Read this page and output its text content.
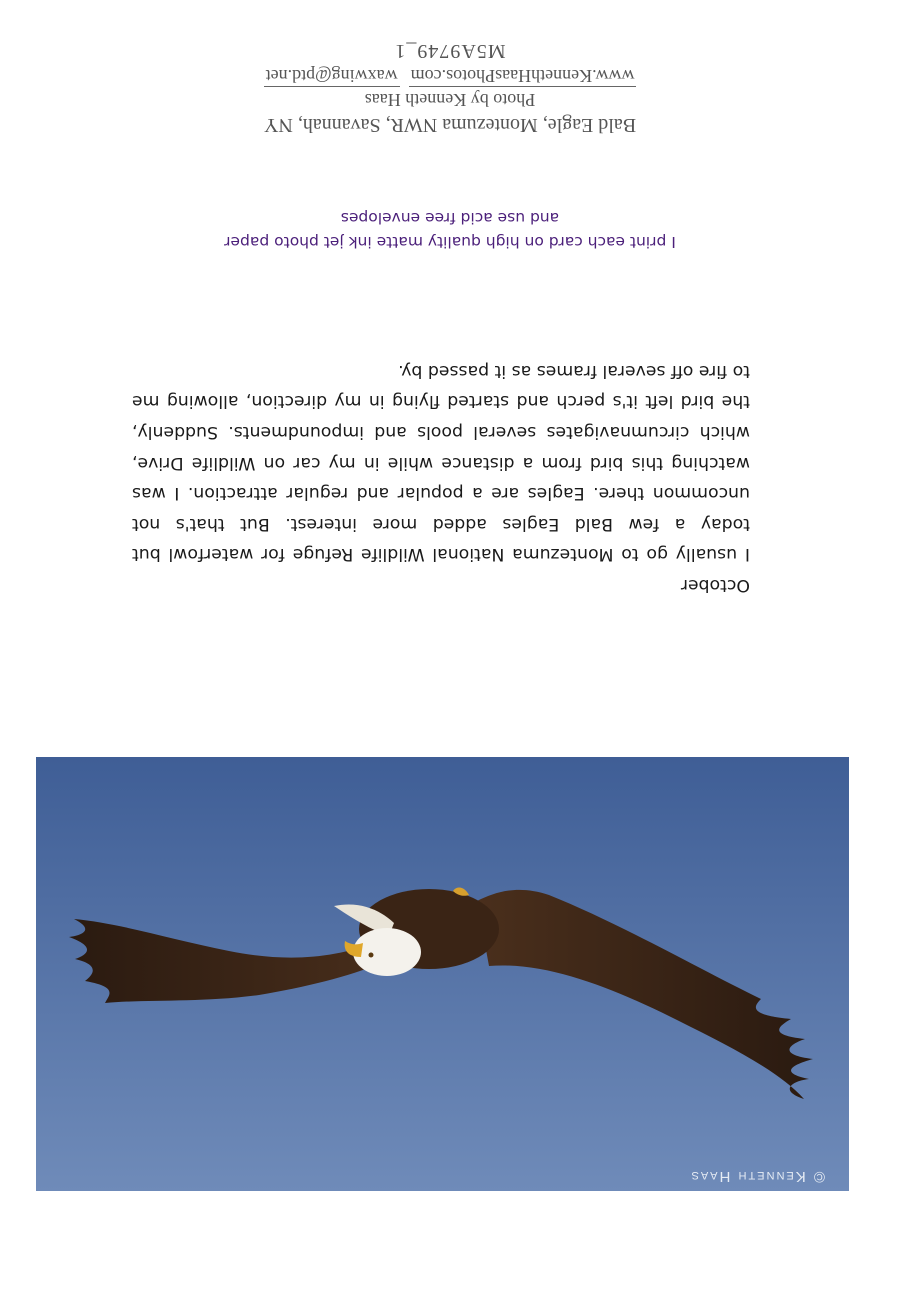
© Kenneth Haas

October

I usually go to Montezuma National Wildlife Refuge for waterfowl but today a few Bald Eagles added more interest. But that's not uncommon there. Eagles are a popular and regular attraction. I was watching this bird from a distance while in my car on Wildlife Drive, which circumnavigates several pools and impoundments. Suddenly, the bird left it's perch and started flying in my direction, allowing me to fire off several frames as it passed by.

I print each card on high quality matte ink jet photo paper
and use acid free envelopes
Bald Eagle, Montezuma NWR, Savannah, NY
Photo by Kenneth Haas
www.KennethHaasPhotos.com  waxwing@ptd.net
M5A9749_1
